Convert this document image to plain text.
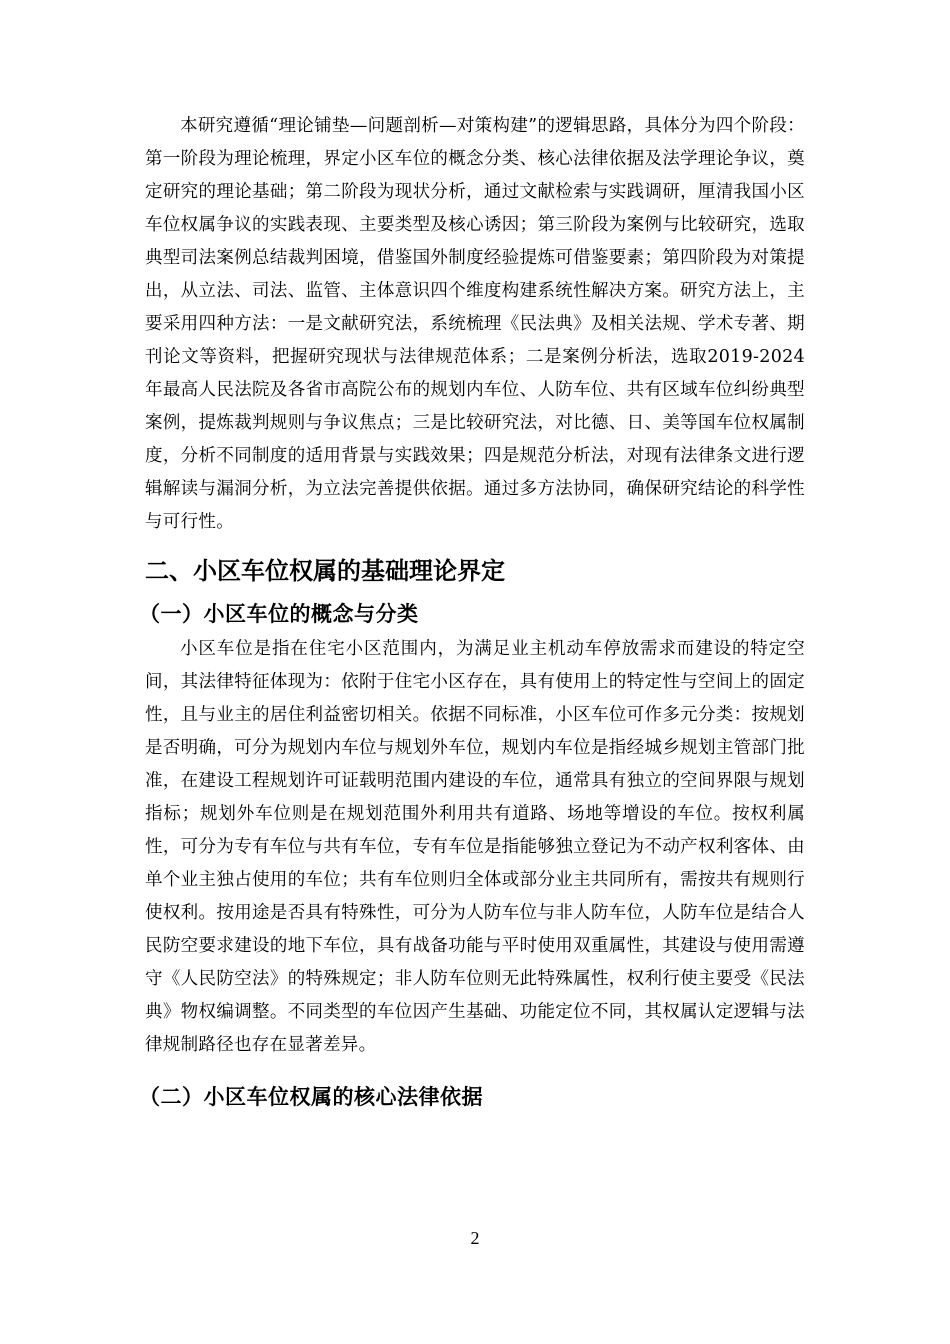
本研究遵循“理论铺垫—问题剖析—对策构建”的逻辑思路，具体分为四个阶段：第一阶段为理论梳理，界定小区车位的概念分类、核心法律依据及法学理论争议，奠定研究的理论基础；第二阶段为现状分析，通过文献检索与实践调研，厘清我国小区车位权属争议的实践表现、主要类型及核心诱因；第三阶段为案例与比较研究，选取典型司法案例总结裁判困境，借鉴国外制度经验提炼可借鉴要素；第四阶段为对策提出，从立法、司法、监管、主体意识四个维度构建系统性解决方案。研究方法上，主要采用四种方法：一是文献研究法，系统梳理《民法典》及相关法规、学术专著、期刊论文等资料，把握研究现状与法律规范体系；二是案例分析法，选取2019-2024年最高人民法院及各省市高院公布的规划内车位、人防车位、共有区域车位纠纷典型案例，提炼裁判规则与争议焦点；三是比较研究法，对比德、日、美等国车位权属制度，分析不同制度的适用背景与实践效果；四是规范分析法，对现有法律条文进行逻辑解读与漏洞分析，为立法完善提供依据。通过多方法协同，确保研究结论的科学性与可行性。

二、小区车位权属的基础理论界定
（一）小区车位的概念与分类

小区车位是指在住宅小区范围内，为满足业主机动车停放需求而建设的特定空间，其法律特征体现为：依附于住宅小区存在，具有使用上的特定性与空间上的固定性，且与业主的居住利益密切相关。依据不同标准，小区车位可作多元分类：按规划是否明确，可分为规划内车位与规划外车位，规划内车位是指经城乡规划主管部门批准，在建设工程规划许可证载明范围内建设的车位，通常具有独立的空间界限与规划指标；规划外车位则是在规划范围外利用共有道路、场地等增设的车位。按权利属性，可分为专有车位与共有车位，专有车位是指能够独立登记为不动产权利客体、由单个业主独占使用的车位；共有车位则归全体或部分业主共同所有，需按共有规则行使权利。按用途是否具有特殊性，可分为人防车位与非人防车位，人防车位是结合人民防空要求建设的地下车位，具有战备功能与平时使用双重属性，其建设与使用需遵守《人民防空法》的特殊规定；非人防车位则无此特殊属性，权利行使主要受《民法典》物权编调整。不同类型的车位因产生基础、功能定位不同，其权属认定逻辑与法律规制路径也存在显著差异。

（二）小区车位权属的核心法律依据
2
